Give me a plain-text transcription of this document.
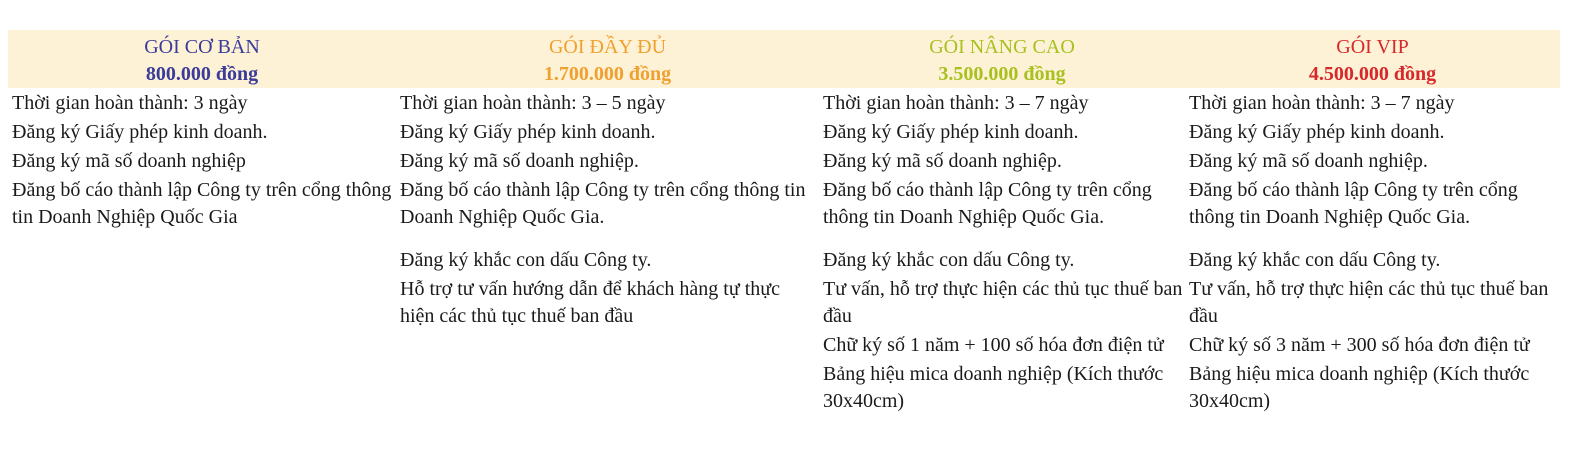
GÓI CƠ BẢN
800.000 đồng
GÓI ĐẦY ĐỦ
1.700.000 đồng
GÓI NÂNG CAO
3.500.000 đồng
GÓI VIP
4.500.000 đồng
Thời gian hoàn thành: 3 ngày
Đăng ký Giấy phép kinh doanh.
Đăng ký mã số doanh nghiệp
Đăng bố cáo thành lập Công ty trên cổng thông tin Doanh Nghiệp Quốc Gia
Thời gian hoàn thành: 3 – 5 ngày
Đăng ký Giấy phép kinh doanh.
Đăng ký mã số doanh nghiệp.
Đăng bố cáo thành lập Công ty trên cổng thông tin Doanh Nghiệp Quốc Gia.
Đăng ký khắc con dấu Công ty.
Hỗ trợ tư vấn hướng dẫn để khách hàng tự thực hiện các thủ tục thuế ban đầu
Thời gian hoàn thành: 3 – 7 ngày
Đăng ký Giấy phép kinh doanh.
Đăng ký mã số doanh nghiệp.
Đăng bố cáo thành lập Công ty trên cổng thông tin Doanh Nghiệp Quốc Gia.
Đăng ký khắc con dấu Công ty.
Tư vấn, hỗ trợ thực hiện các thủ tục thuế ban đầu
Chữ ký số 1 năm + 100 số hóa đơn điện tử
Bảng hiệu mica doanh nghiệp (Kích thước 30x40cm)
Thời gian hoàn thành: 3 – 7 ngày
Đăng ký Giấy phép kinh doanh.
Đăng ký mã số doanh nghiệp.
Đăng bố cáo thành lập Công ty trên cổng thông tin Doanh Nghiệp Quốc Gia.
Đăng ký khắc con dấu Công ty.
Tư vấn, hỗ trợ thực hiện các thủ tục thuế ban đầu
Chữ ký số 3 năm + 300 số hóa đơn điện tử
Bảng hiệu mica doanh nghiệp (Kích thước 30x40cm)
